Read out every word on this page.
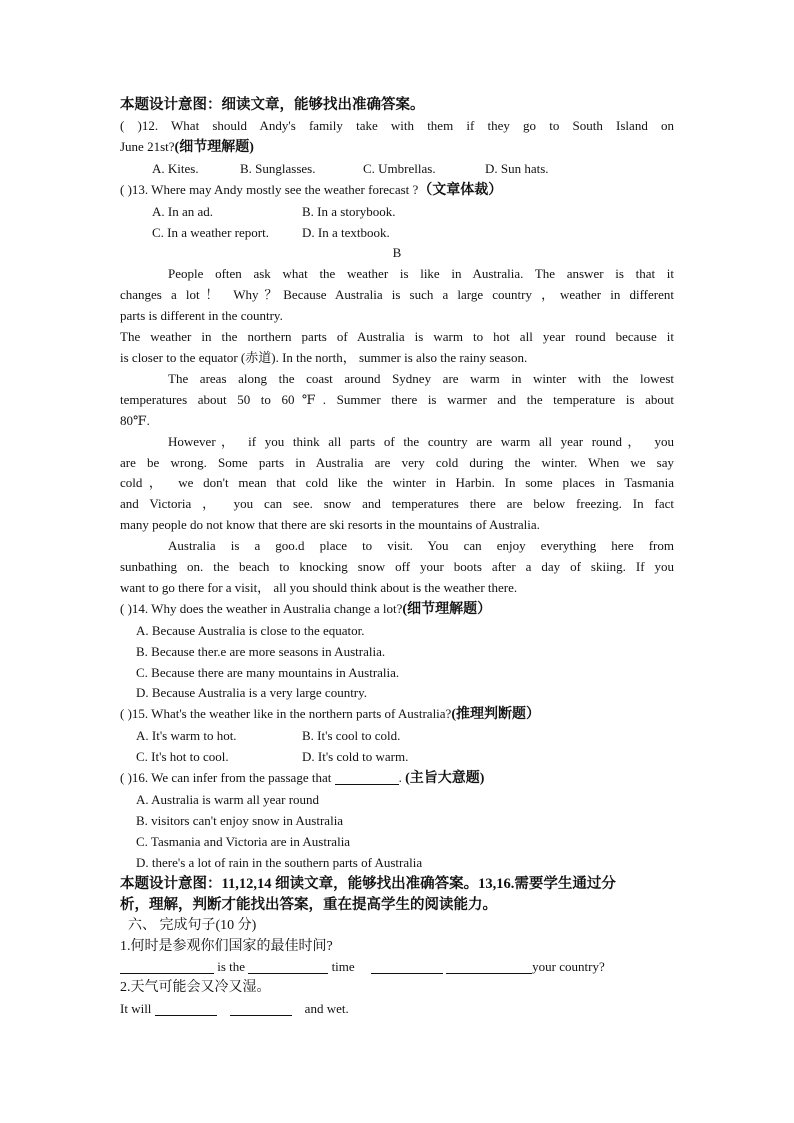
本题设计意图：细读文章，能够找出准确答案。
( )12. What should Andy's family take with them if they go to South Island on
June 21st?(细节理解题)
A. Kites.	B. Sunglasses.	C. Umbrellas.	D. Sun hats.
( )13. Where may Andy mostly see the weather forecast ?（文章体裁）
A. In an ad.	B. In a storybook.
C. In a weather report.	D. In a textbook.
B
People often ask what the weather is like in Australia. The answer is that it
changes a lot！ Why？Because Australia is such a large country ，weather in different
parts is different in the country.
The weather in the northern parts of Australia is warm to hot all year round because it
is closer to the equator (赤道). In the north， summer is also the rainy season.
The areas along the coast around Sydney are warm in winter with the lowest
temperatures about 50 to 60℉. Summer there is warmer and the temperature is about
80℉.
However， if you think all parts of the country are warm all year round， you
are be wrong. Some parts in Australia are very cold during the winter. When we say
cold， we don't mean that cold like the winter in Harbin. In some places in Tasmania
and Victoria ， you can see. snow and temperatures there are below freezing. In fact
many people do not know that there are ski resorts in the mountains of Australia.
Australia is a goo.d place to visit. You can enjoy everything here from
sunbathing on. the beach to knocking snow off your boots after a day of skiing. If you
want to go there for a visit， all you should think about is the weather there.
( )14. Why does the weather in Australia change a lot?(细节理解题）
A. Because Australia is close to the equator.
B. Because ther.e are more seasons in Australia.
C. Because there are many mountains in Australia.
D. Because Australia is a very large country.
( )15. What's the weather like in the northern parts of Australia?(推理判断题）
A. It's warm to hot.	B. It's cool to cold.
C. It's hot to cool.	D. It's cold to warm.
( )16. We can infer from the passage that	. (主旨大意题)
A. Australia is warm all year round
B. visitors can't enjoy snow in Australia
C. Tasmania and Victoria are in Australia
D. there's a lot of rain in the southern parts of Australia
本题设计意图：11,12,14 细读文章，能够找出准确答案。13,16.需要学生通过分
析，理解，判断才能找出答案，重在提高学生的阅读能力。
六、 完成句子(10 分)
1.何时是参观你们国家的最佳时间?
is the	time	your country?
2.天气可能会又冷又湿。
It will	and wet.
